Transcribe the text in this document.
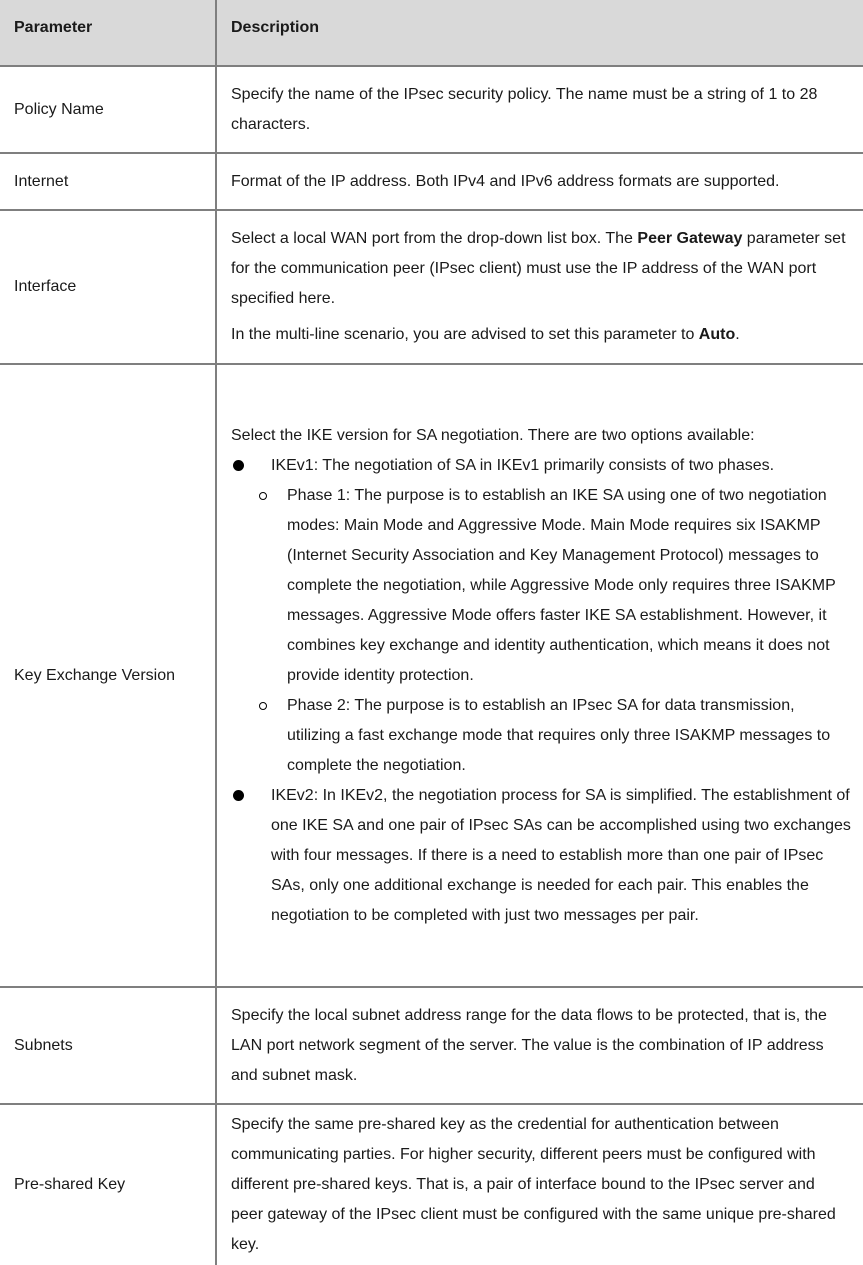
Parameter	Description
Policy Name	Specify the name of the IPsec security policy. The name must be a string of 1 to 28 characters.

Internet	Format of the IP address. Both IPv4 and IPv6 address formats are supported.

Interface	Select a local WAN port from the drop-down list box. The Peer Gateway parameter set for the communication peer (IPsec client) must use the IP address of the WAN port specified here.

In the multi-line scenario, you are advised to set this parameter to Auto.

Key Exchange Version	Select the IKE version for SA negotiation. There are two options available:

IKEv1: The negotiation of SA in IKEv1 primarily consists of two phases.
Phase 1: The purpose is to establish an IKE SA using one of two negotiation modes: Main Mode and Aggressive Mode. Main Mode requires six ISAKMP (Internet Security Association and Key Management Protocol) messages to complete the negotiation, while Aggressive Mode only requires three ISAKMP messages. Aggressive Mode offers faster IKE SA establishment. However, it combines key exchange and identity authentication, which means it does not provide identity protection.
Phase 2: The purpose is to establish an IPsec SA for data transmission, utilizing a fast exchange mode that requires only three ISAKMP messages to complete the negotiation.
IKEv2: In IKEv2, the negotiation process for SA is simplified. The establishment of one IKE SA and one pair of IPsec SAs can be accomplished using two exchanges with four messages. If there is a need to establish more than one pair of IPsec SAs, only one additional exchange is needed for each pair. This enables the negotiation to be completed with just two messages per pair.

Subnets	Specify the local subnet address range for the data flows to be protected, that is, the LAN port network segment of the server. The value is the combination of IP address and subnet mask.

Pre-shared Key	Specify the same pre-shared key as the credential for authentication between communicating parties. For higher security, different peers must be configured with different pre-shared keys. That is, a pair of interface bound to the IPsec server and peer gateway of the IPsec client must be configured with the same unique pre-shared key.
